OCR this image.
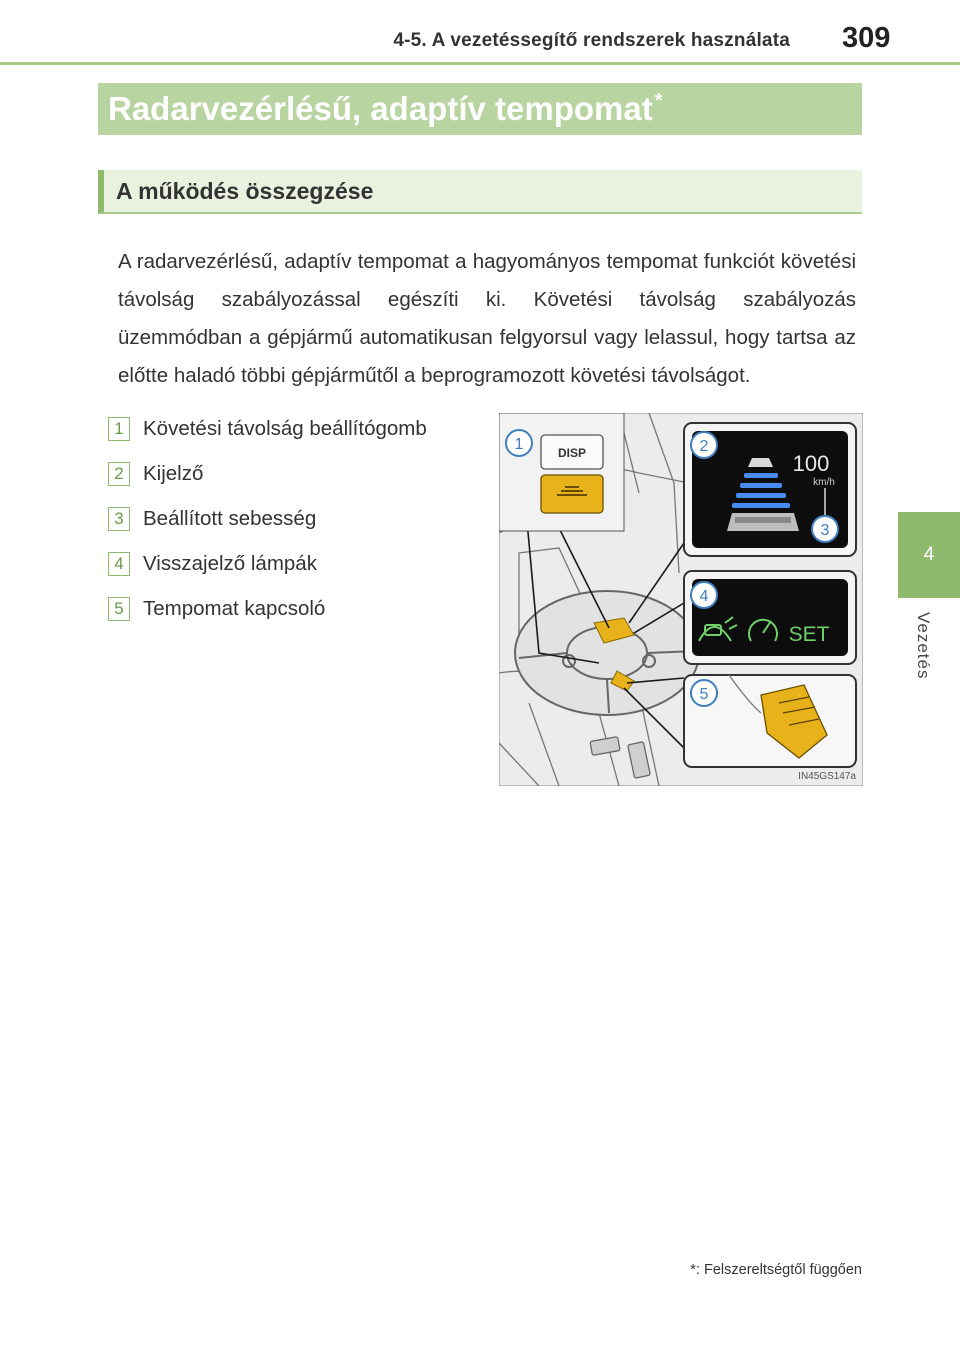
4-5. A vezetéssegítő rendszerek használata 309
4
Vezetés
Radarvezérlésű, adaptív tempomat*
A működés összegzése

A radarvezérlésű, adaptív tempomat a hagyományos tempomat funkciót követési távolság szabályozással egészíti ki. Követési távolság szabályozás üzemmódban a gépjármű automatikusan felgyorsul vagy lelassul, hogy tartsa az előtte haladó többi gépjárműtől a beprogramozott követési távolságot.

1 Követési távolság beállítógomb
2 Kijelző
3 Beállított sebesség
4 Visszajelző lámpák
5 Tempomat kapcsoló
DISP
1	2
100
km/h
3
4
SET
5
IN45GS147a
*: Felszereltségtől függően
